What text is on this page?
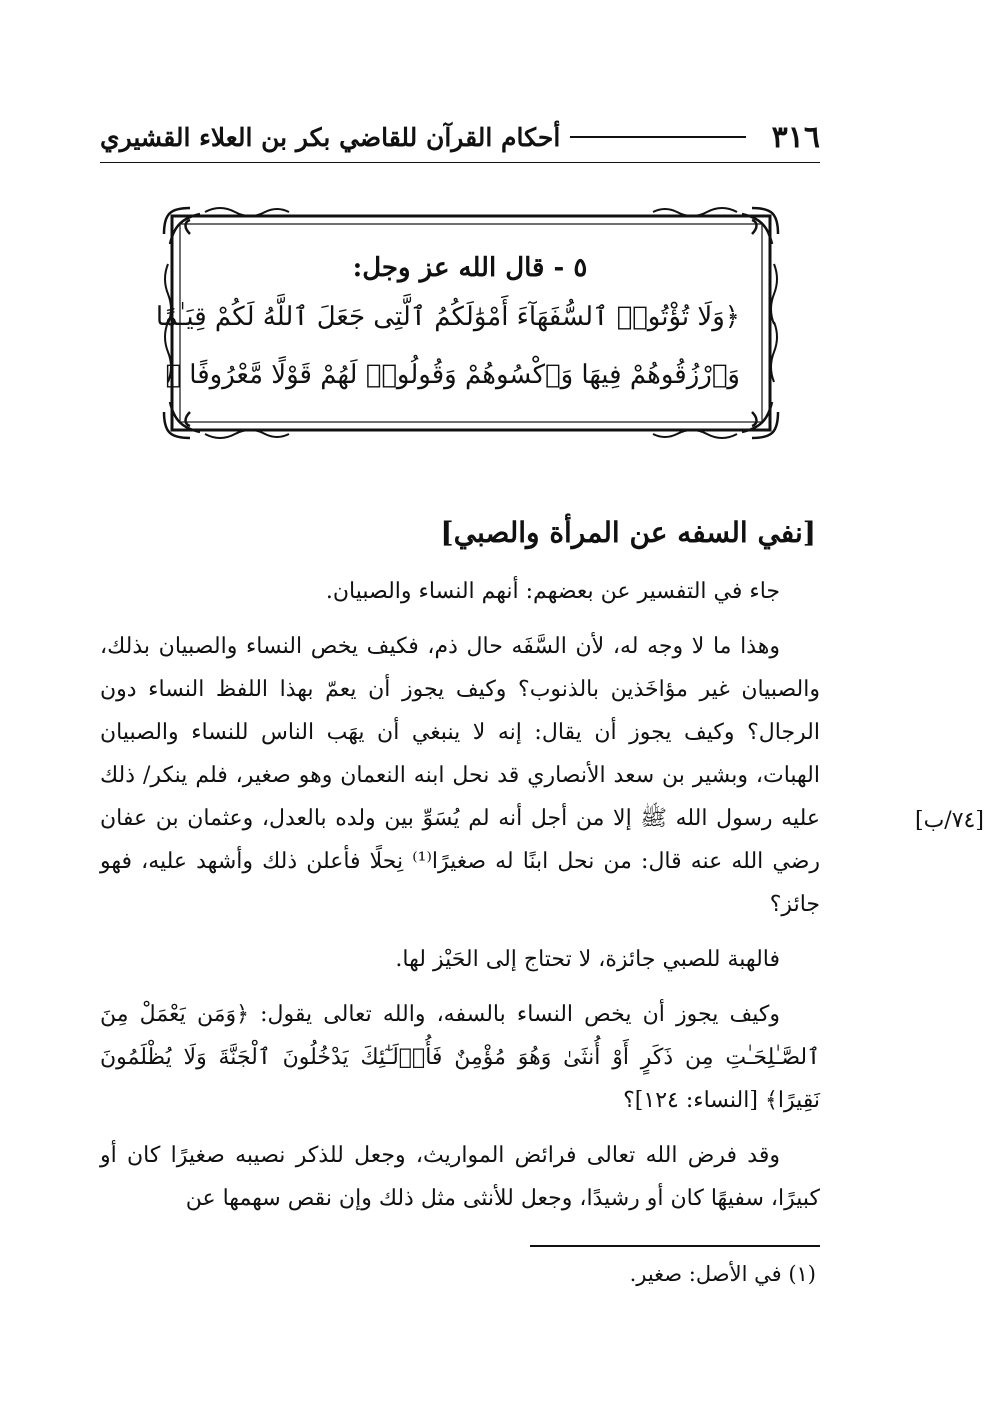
٣١٦
أحكام القرآن للقاضي بكر بن العلاء القشيري
٥ - قال الله عز وجل:
﴿وَلَا تُؤْتُوا۟ ٱلسُّفَهَآءَ أَمْوَٰلَكُمُ ٱلَّتِى جَعَلَ ٱللَّهُ لَكُمْ قِيَـٰمًا
وَٱرْزُقُوهُمْ فِيهَا وَٱكْسُوهُمْ وَقُولُوا۟ لَهُمْ قَوْلًا مَّعْرُوفًا ﴾
[نفي السفه عن المرأة والصبي]

جاء في التفسير عن بعضهم: أنهم النساء والصبيان.

وهذا ما لا وجه له، لأن السَّفَه حال ذم، فكيف يخص النساء والصبيان بذلك، والصبيان غير مؤاخَذين بالذنوب؟ وكيف يجوز أن يعمّ بهذا اللفظ النساء دون الرجال؟ وكيف يجوز أن يقال: إنه لا ينبغي أن يهَب الناس للنساء والصبيان الهبات، وبشير بن سعد الأنصاري قد نحل ابنه النعمان وهو صغير، فلم ينكر/ ذلك عليه رسول الله ﷺ إلا من أجل أنه لم يُسَوِّ بين ولده بالعدل، وعثمان بن عفان رضي الله عنه قال: من نحل ابنًا له صغيرًا⁽¹⁾ نِحلًا فأعلن ذلك وأشهد عليه، فهو جائز؟

فالهبة للصبي جائزة، لا تحتاج إلى الحَيْز لها.

وكيف يجوز أن يخص النساء بالسفه، والله تعالى يقول: ﴿وَمَن يَعْمَلْ مِنَ ٱلصَّـٰلِحَـٰتِ مِن ذَكَرٍ أَوْ أُنثَىٰ وَهُوَ مُؤْمِنٌ فَأُو۟لَـٰٓئِكَ يَدْخُلُونَ ٱلْجَنَّةَ وَلَا يُظْلَمُونَ نَقِيرًا﴾ [النساء: ١٢٤]؟

وقد فرض الله تعالى فرائض المواريث، وجعل للذكر نصيبه صغيرًا كان أو كبيرًا، سفيهًا كان أو رشيدًا، وجعل للأنثى مثل ذلك وإن نقص سهمها عن

[٧٤/ب]
(١) في الأصل: صغير.
